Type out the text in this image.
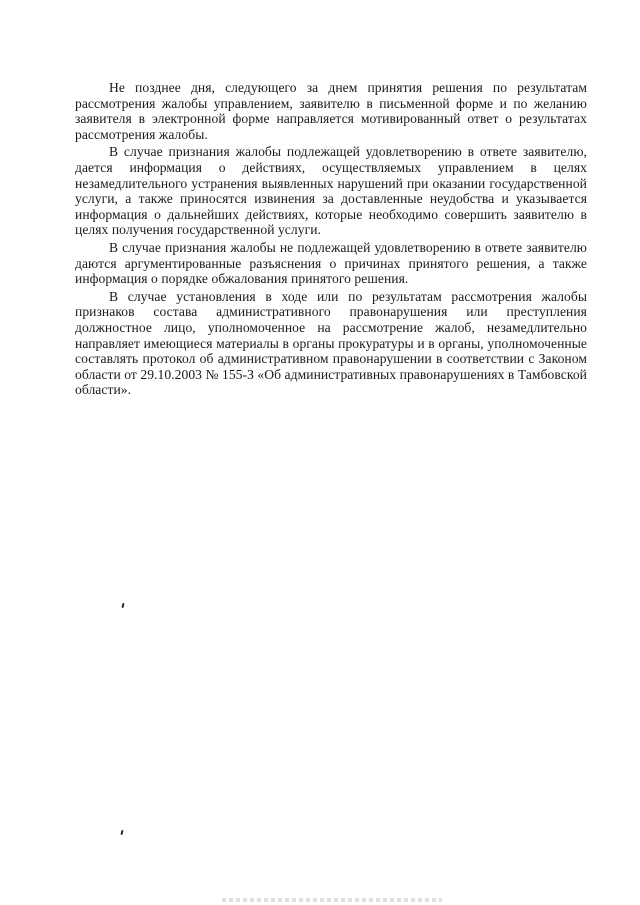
Не позднее дня, следующего за днем принятия решения по результатам рассмотрения жалобы управлением, заявителю в письменной форме и по желанию заявителя в электронной форме направляется мотивированный ответ о результатах рассмотрения жалобы.

В случае признания жалобы подлежащей удовлетворению в ответе заявителю, дается информация о действиях, осуществляемых управлением в целях незамедлительного устранения выявленных нарушений при оказании государственной услуги, а также приносятся извинения за доставленные неудобства и указывается информация о дальнейших действиях, которые необходимо совершить заявителю в целях получения государственной услуги.

В случае признания жалобы не подлежащей удовлетворению в ответе заявителю даются аргументированные разъяснения о причинах принятого решения, а также информация о порядке обжалования принятого решения.

В случае установления в ходе или по результатам рассмотрения жалобы признаков состава административного правонарушения или преступления должностное лицо, уполномоченное на рассмотрение жалоб, незамедлительно направляет имеющиеся материалы в органы прокуратуры и в органы, уполномоченные составлять протокол об административном правонарушении в соответствии с Законом области от 29.10.2003 № 155-З «Об административных правонарушениях в Тамбовской области».
